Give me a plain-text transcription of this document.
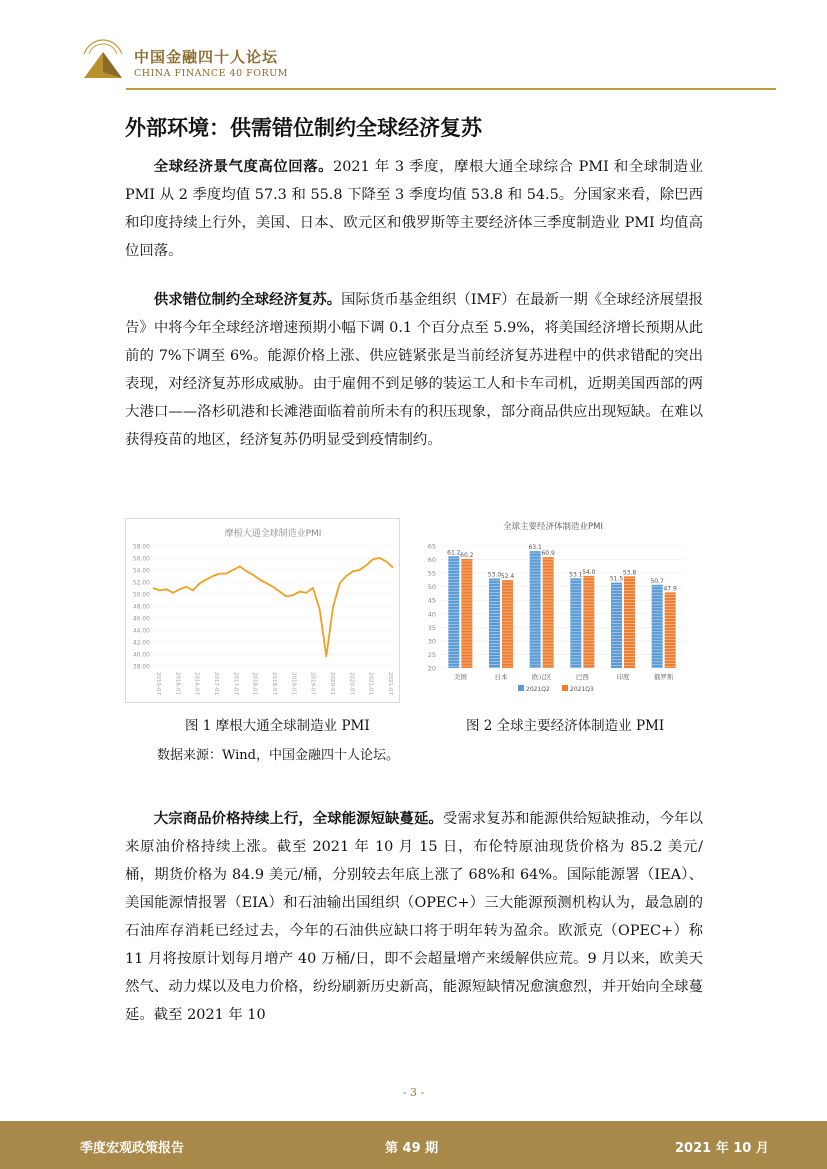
中国金融四十人论坛
CHINA FINANCE 40 FORUM
外部环境：供需错位制约全球经济复苏
全球经济景气度高位回落。2021 年 3 季度，摩根大通全球综合 PMI 和全球制造业 PMI 从 2 季度均值 57.3 和 55.8 下降至 3 季度均值 53.8 和 54.5。分国家来看，除巴西和印度持续上行外，美国、日本、欧元区和俄罗斯等主要经济体三季度制造业 PMI 均值高位回落。
供求错位制约全球经济复苏。国际货币基金组织（IMF）在最新一期《全球经济展望报告》中将今年全球经济增速预期小幅下调 0.1 个百分点至 5.9%，将美国经济增长预期从此前的 7%下调至 6%。能源价格上涨、供应链紧张是当前经济复苏进程中的供求错配的突出表现，对经济复苏形成威胁。由于雇佣不到足够的装运工人和卡车司机，近期美国西部的两大港口——洛杉矶港和长滩港面临着前所未有的积压现象，部分商品供应出现短缺。在难以获得疫苗的地区，经济复苏仍明显受到疫情制约。
摩根大通全球制造业PMI
58.00
56.00
54.00
52.00
50.00
48.00
46.00
44.00
42.00
40.00
38.00
2015-07 2016-01 2016-07 2017-01 2017-07 2018-01 2018-07 2019-01 2019-07 2020-01 2020-07 2021-01 2021-07
全球主要经济体制造业PMI
65
60
55
50
45
40
35
30
25
20
61.2 60.2
美国
53.0 52.4
日本
63.1
60.9
欧元区
53.1 54.0
巴西
51.5
53.8
印度
50.7
47.9
俄罗斯
2021Q2	2021Q3
图 1 摩根大通全球制造业 PMI	图 2 全球主要经济体制造业 PMI
数据来源：Wind，中国金融四十人论坛。
大宗商品价格持续上行，全球能源短缺蔓延。受需求复苏和能源供给短缺推动，今年以来原油价格持续上涨。截至 2021 年 10 月 15 日，布伦特原油现货价格为 85.2 美元/桶，期货价格为 84.9 美元/桶，分别较去年底上涨了 68%和 64%。国际能源署（IEA）、美国能源情报署（EIA）和石油输出国组织（OPEC+）三大能源预测机构认为，最急剧的石油库存消耗已经过去，今年的石油供应缺口将于明年转为盈余。欧派克（OPEC+）称 11 月将按原计划每月增产 40 万桶/日，即不会超量增产来缓解供应荒。9 月以来，欧美天然气、动力煤以及电力价格，纷纷刷新历史新高，能源短缺情况愈演愈烈，并开始向全球蔓延。截至 2021 年 10
- 3 -
季度宏观政策报告	第 49 期	2021 年 10 月
